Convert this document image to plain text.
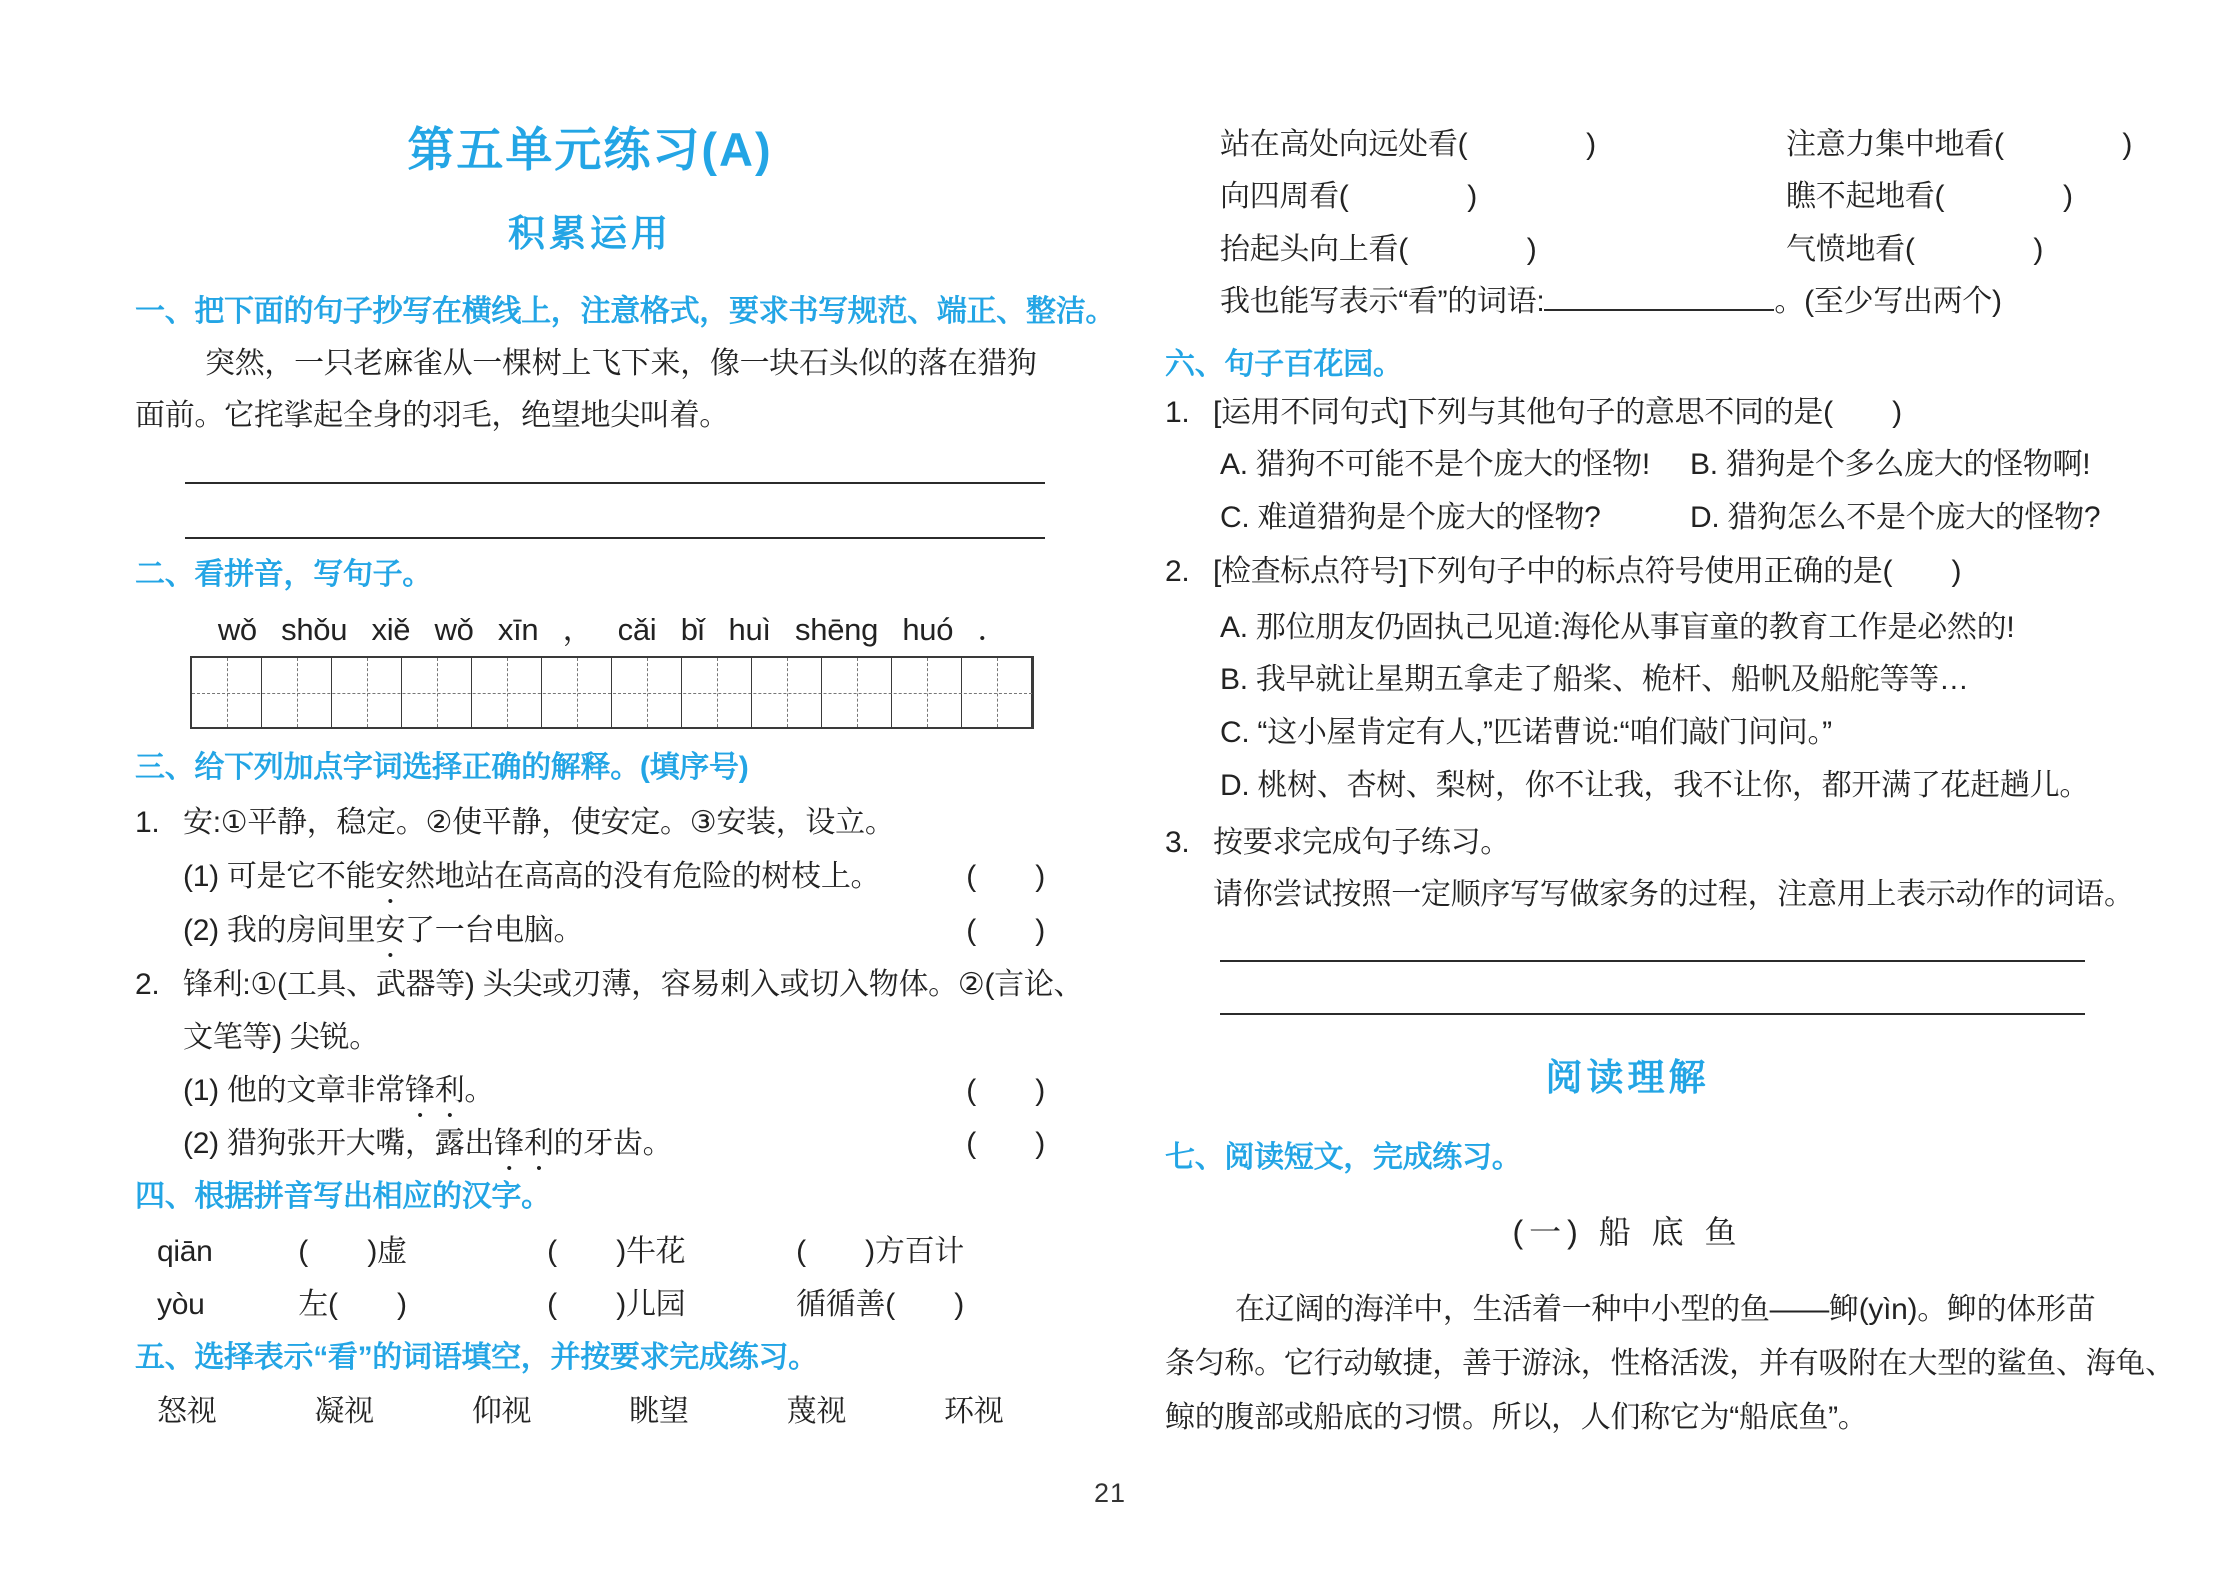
第五单元练习(A)
积累运用
一、把下面的句子抄写在横线上，注意格式，要求书写规范、端正、整洁。
突然，一只老麻雀从一棵树上飞下来，像一块石头似的落在猎狗
面前。它挓挲起全身的羽毛，绝望地尖叫着。
二、看拼音，写句子。
wǒ shǒu xiě wǒ xīn ， cǎi bǐ huì shēng huó ．
三、给下列加点字词选择正确的解释。(填序号)
1. 安:①平静，稳定。②使平静，使安定。③安装，设立。
(1) 可是它不能安然地站在高高的没有危险的树枝上。	(　　)
(2) 我的房间里安了一台电脑。	(　　)
2. 锋利:①(工具、武器等) 头尖或刃薄，容易刺入或切入物体。②(言论、
文笔等) 尖锐。
(1) 他的文章非常锋利。	(　　)
(2) 猎狗张开大嘴，露出锋利的牙齿。	(　　)
四、根据拼音写出相应的汉字。
qiān	(　　)虚	(　　)牛花	(　　)方百计
yòu	左(　　)	(　　)儿园	循循善(　　)
五、选择表示“看”的词语填空，并按要求完成练习。
怒视	凝视	仰视	眺望	蔑视	环视
站在高处向远处看(　　　　)	注意力集中地看(　　　　)
向四周看(　　　　)	瞧不起地看(　　　　)
抬起头向上看(　　　　)	气愤地看(　　　　)
我也能写表示“看”的词语:	。(至少写出两个)
六、句子百花园。
1. [运用不同句式]下列与其他句子的意思不同的是(　　)
A. 猎狗不可能不是个庞大的怪物! B. 猎狗是个多么庞大的怪物啊!
C. 难道猎狗是个庞大的怪物?	D. 猎狗怎么不是个庞大的怪物?
2. [检查标点符号]下列句子中的标点符号使用正确的是(　　)
A. 那位朋友仍固执己见道:海伦从事盲童的教育工作是必然的!
B. 我早就让星期五拿走了船桨、桅杆、船帆及船舵等等…
C. “这小屋肯定有人,”匹诺曹说:“咱们敲门问问。”
D. 桃树、杏树、梨树，你不让我，我不让你，都开满了花赶趟儿。
3. 按要求完成句子练习。
请你尝试按照一定顺序写写做家务的过程，注意用上表示动作的词语。
阅读理解
七、阅读短文，完成练习。
(一) 船 底 鱼
在辽阔的海洋中，生活着一种中小型的鱼——䲟(yìn)。䲟的体形苗
条匀称。它行动敏捷，善于游泳，性格活泼，并有吸附在大型的鲨鱼、海龟、
鲸的腹部或船底的习惯。所以，人们称它为“船底鱼”。
21
